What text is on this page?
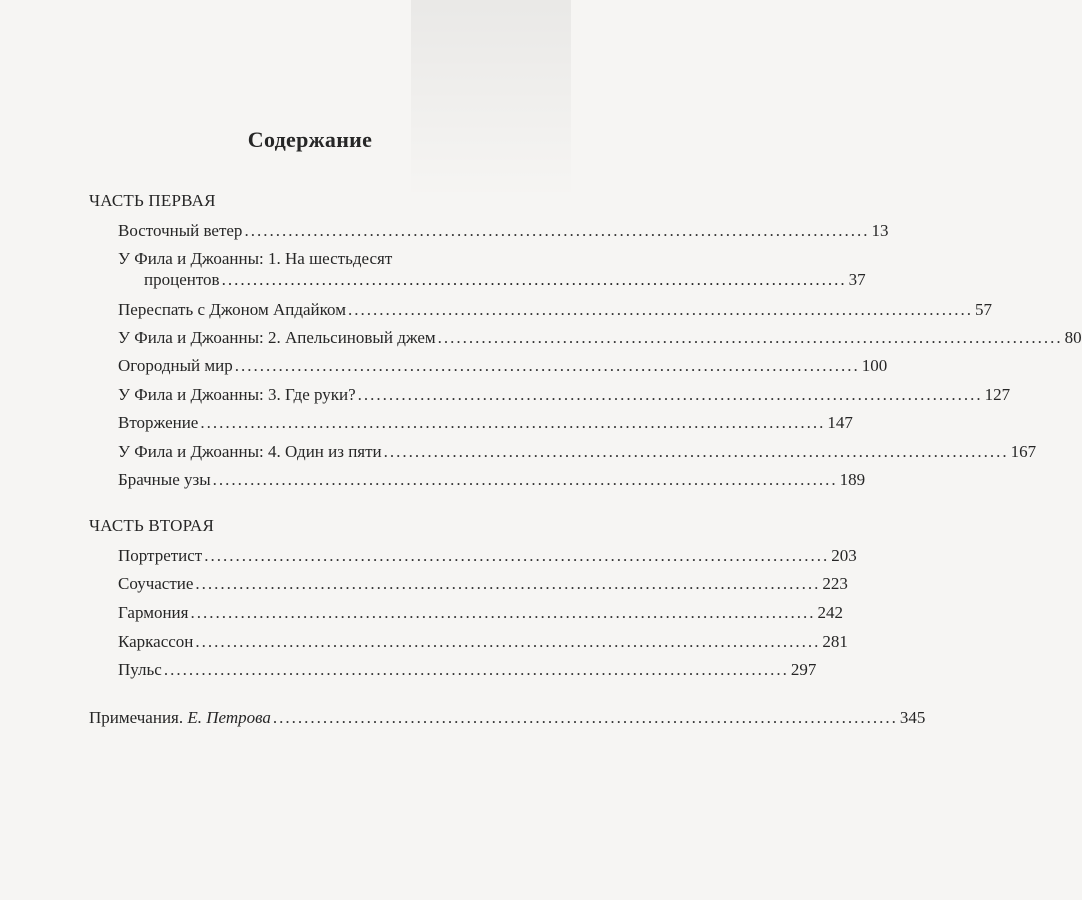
Содержание
ЧАСТЬ ПЕРВАЯ
Восточный ветер .................................................................................................... 13
У Фила и Джоанны: 1. На шестьдесят
процентов .................................................................................................... 37
Переспать с Джоном Апдайком .................................................................................................... 57
У Фила и Джоанны: 2. Апельсиновый джем .................................................................................................... 80
Огородный мир .................................................................................................... 100
У Фила и Джоанны: 3. Где руки? .................................................................................................... 127
Вторжение .................................................................................................... 147
У Фила и Джоанны: 4. Один из пяти .................................................................................................... 167
Брачные узы .................................................................................................... 189
ЧАСТЬ ВТОРАЯ
Портретист .................................................................................................... 203
Соучастие .................................................................................................... 223
Гармония .................................................................................................... 242
Каркассон .................................................................................................... 281
Пульс .................................................................................................... 297
Примечания. Е. Петрова .................................................................................................... 345
